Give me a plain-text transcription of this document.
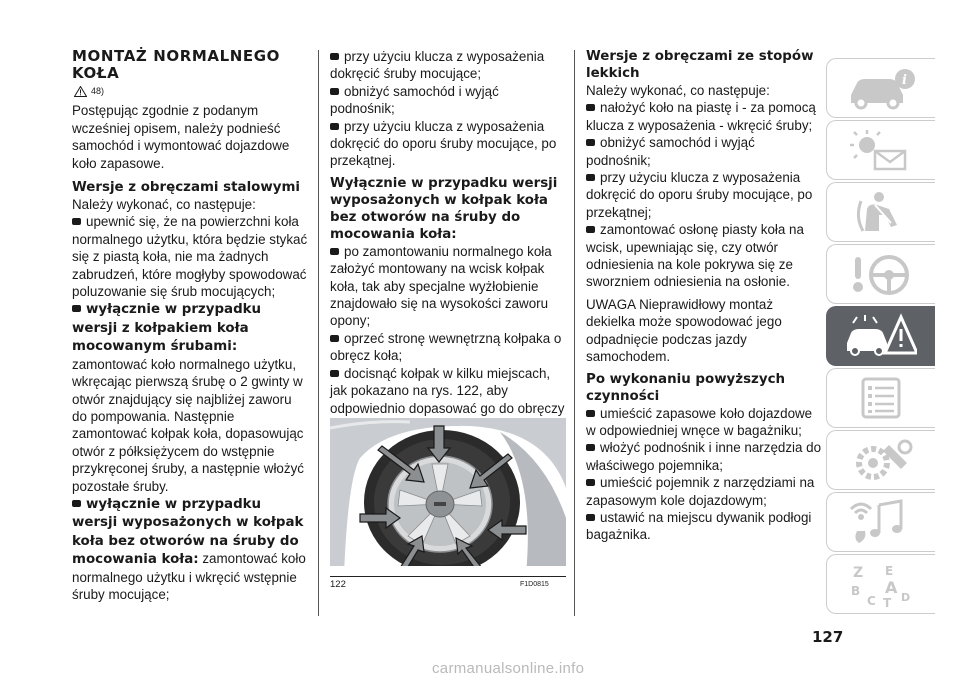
MONTAŻ NORMALNEGO
KOŁA
48)

Postępując zgodnie z podanym wcześniej opisem, należy podnieść samochód i wymontować dojazdowe koło zapasowe.

Wersje z obręczami stalowymi

Należy wykonać, co następuje:

upewnić się, że na powierzchni koła normalnego użytku, która będzie stykać się z piastą koła, nie ma żadnych zabrudzeń, które mogłyby spowodować poluzowanie się śrub mocujących;

wyłącznie w przypadku wersji z kołpakiem koła mocowanym śrubami: zamontować koło normalnego użytku, wkręcając pierwszą śrubę o 2 gwinty w otwór znajdujący się najbliżej zaworu do pompowania. Następnie zamontować kołpak koła, dopasowując otwór z półksiężycem do wstępnie przykręconej śruby, a następnie włożyć pozostałe śruby.

wyłącznie w przypadku wersji wyposażonych w kołpak koła bez otworów na śruby do mocowania koła: zamontować koło normalnego użytku i wkręcić wstępnie śruby mocujące;

przy użyciu klucza z wyposażenia dokręcić śruby mocujące;

obniżyć samochód i wyjąć podnośnik;

przy użyciu klucza z wyposażenia dokręcić do oporu śruby mocujące, po przekątnej.

Wyłącznie w przypadku wersji wyposażonych w kołpak koła bez otworów na śruby do mocowania koła:

po zamontowaniu normalnego koła założyć montowany na wcisk kołpak koła, tak aby specjalne wyżłobienie znajdowało się na wysokości zaworu opony;

oprzeć stronę wewnętrzną kołpaka o obręcz koła;

docisnąć kołpak w kilku miejscach, jak pokazano na rys. 122, aby odpowiednio dopasować go do obręczy

122	F1D0815
Wersje z obręczami ze stopów lekkich

Należy wykonać, co następuje:

nałożyć koło na piastę i - za pomocą klucza z wyposażenia - wkręcić śruby;

obniżyć samochód i wyjąć podnośnik;

przy użyciu klucza z wyposażenia dokręcić do oporu śruby mocujące, po przekątnej;

zamontować osłonę piasty koła na wcisk, upewniając się, czy otwór odniesienia na kole pokrywa się ze sworzniem odniesienia na osłonie.

UWAGA Nieprawidłowy montaż dekielka może spowodować jego odpadnięcie podczas jazdy samochodem.

Po wykonaniu powyższych czynności

umieścić zapasowe koło dojazdowe w odpowiedniej wnęce w bagażniku;

włożyć podnośnik i inne narzędzia do właściwego pojemnika;

umieścić pojemnik z narzędziami na zapasowym kole dojazdowym;

ustawić na miejscu dywanik podłogi bagażnika.

i
Z E
B A
C T D
127
carmanualsonline.info
